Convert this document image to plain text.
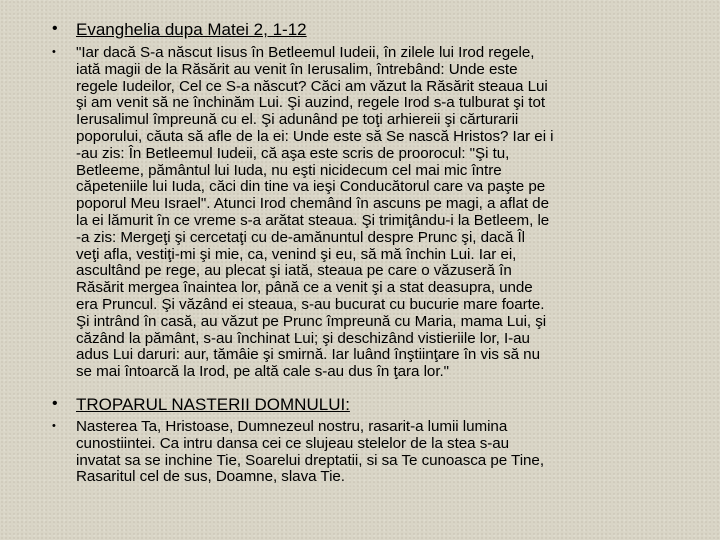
• Evanghelia dupa Matei 2, 1-12
• "Iar dacă S-a născut Iisus în Betleemul Iudeii, în zilele lui Irod regele,
iată magii de la Răsărit au venit în Ierusalim, întrebând: Unde este
regele Iudeilor, Cel ce S-a născut? Căci am văzut la Răsărit steaua Lui
şi am venit să ne închinăm Lui. Şi auzind, regele Irod s-a tulburat şi tot
Ierusalimul împreună cu el. Şi adunând pe toţi arhiereii şi cărturarii
poporului, căuta să afle de la ei: Unde este să Se nască Hristos? Iar ei i
-au zis: În Betleemul Iudeii, că aşa este scris de proorocul: "Şi tu,
Betleeme, pământul lui Iuda, nu eşti nicidecum cel mai mic între
căpeteniile lui Iuda, căci din tine va ieşi Conducătorul care va paşte pe
poporul Meu Israel". Atunci Irod chemând în ascuns pe magi, a aflat de
la ei lămurit în ce vreme s-a arătat steaua. Şi trimiţându-i la Betleem, le
-a zis: Mergeţi şi cercetaţi cu de-amănuntul despre Prunc şi, dacă Îl
veţi afla, vestiţi-mi şi mie, ca, venind şi eu, să mă închin Lui. Iar ei,
ascultând pe rege, au plecat şi iată, steaua pe care o văzuseră în
Răsărit mergea înaintea lor, până ce a venit şi a stat deasupra, unde
era Pruncul. Şi văzând ei steaua, s-au bucurat cu bucurie mare foarte.
Şi intrând în casă, au văzut pe Prunc împreună cu Maria, mama Lui, şi
căzând la pământ, s-au închinat Lui; şi deschizând vistieriile lor, I-au
adus Lui daruri: aur, tămâie şi smirnă. Iar luând înştiinţare în vis să nu
se mai întoarcă la Irod, pe altă cale s-au dus în ţara lor."
• TROPARUL NASTERII DOMNULUI:
• Nasterea Ta, Hristoase, Dumnezeul nostru, rasarit-a lumii lumina
cunostiintei. Ca intru dansa cei ce slujeau stelelor de la stea s-au
invatat sa se inchine Tie, Soarelui dreptatii, si sa Te cunoasca pe Tine,
Rasaritul cel de sus, Doamne, slava Tie.
